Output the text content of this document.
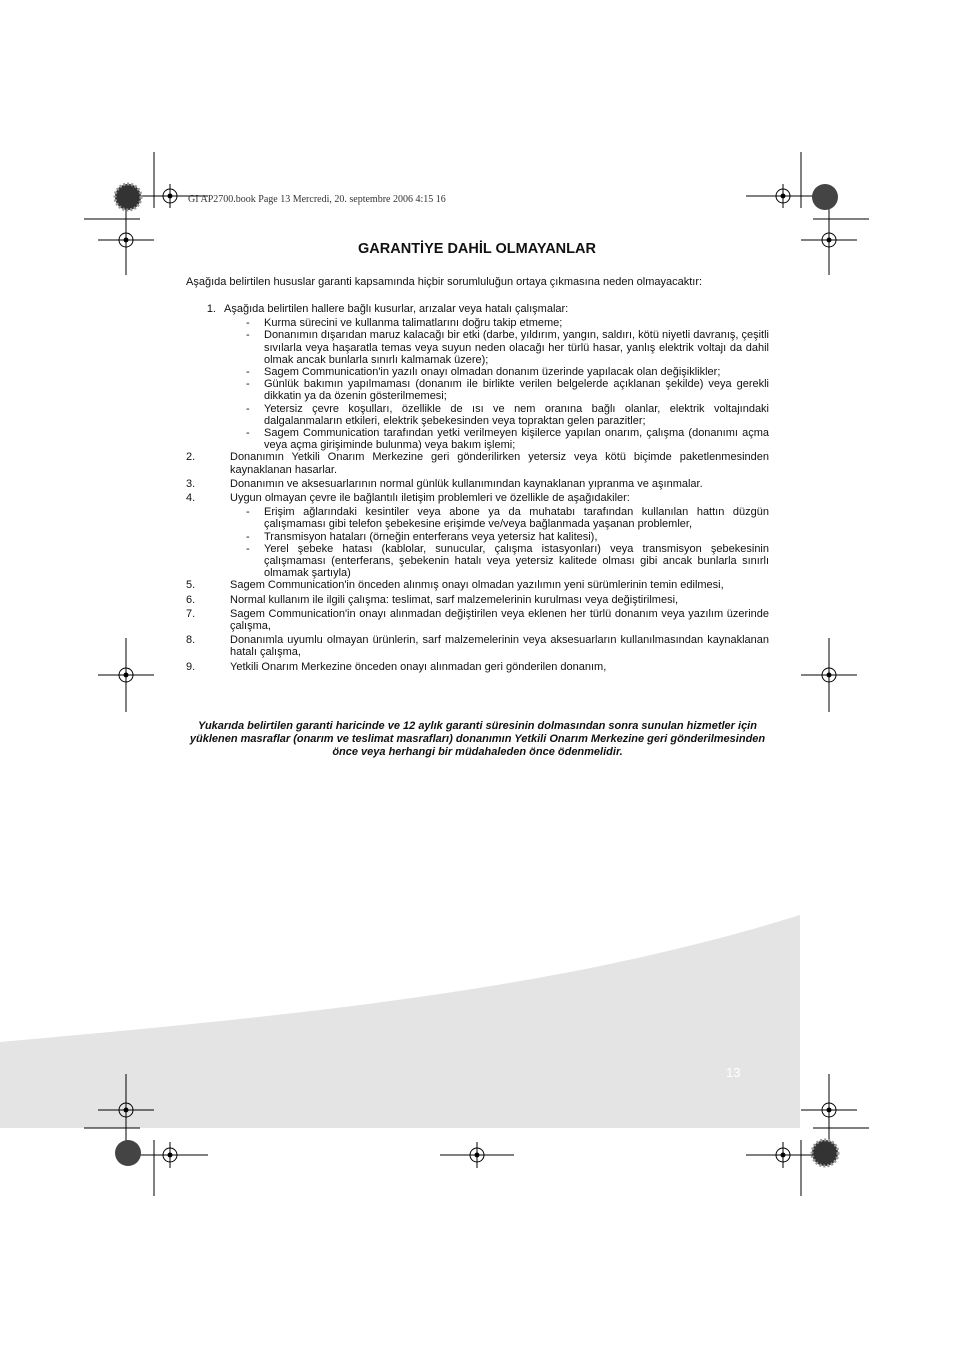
GI AP2700.book Page 13 Mercredi, 20. septembre 2006 4:15 16
GARANTİYE DAHİL OLMAYANLAR
Aşağıda belirtilen hususlar garanti kapsamında hiçbir sorumluluğun ortaya çıkmasına neden olmayacaktır:
1. Aşağıda belirtilen hallere bağlı kusurlar, arızalar veya hatalı çalışmalar:
-	Kurma sürecini ve kullanma talimatlarını doğru takip etmeme;
-	Donanımın dışarıdan maruz kalacağı bir etki (darbe, yıldırım, yangın, saldırı, kötü niyetli davranış, çeşitli sıvılarla veya haşaratla temas veya suyun neden olacağı her türlü hasar, yanlış elektrik voltajı da dahil olmak ancak bunlarla sınırlı kalmamak üzere);
-	Sagem Communication'in yazılı onayı olmadan donanım üzerinde yapılacak olan değişiklikler;
-	Günlük bakımın yapılmaması (donanım ile birlikte verilen belgelerde açıklanan şekilde) veya gerekli dikkatin ya da özenin gösterilmemesi;
-	Yetersiz çevre koşulları, özellikle de ısı ve nem oranına bağlı olanlar, elektrik voltajındaki dalgalanmaların etkileri, elektrik şebekesinden veya topraktan gelen parazitler;
-	Sagem Communication tarafından yetki verilmeyen kişilerce yapılan onarım, çalışma (donanımı açma veya açma girişiminde bulunma) veya bakım işlemi;
2.	Donanımın Yetkili Onarım Merkezine geri gönderilirken yetersiz veya kötü biçimde paketlenmesinden kaynaklanan hasarlar.
3.	Donanımın ve aksesuarlarının normal günlük kullanımından kaynaklanan yıpranma ve aşınmalar.
4.	Uygun olmayan çevre ile bağlantılı iletişim problemleri ve özellikle de aşağıdakiler:
-	Erişim ağlarındaki kesintiler veya abone ya da muhatabı tarafından kullanılan hattın düzgün çalışmaması gibi telefon şebekesine erişimde ve/veya bağlanmada yaşanan problemler,
-	Transmisyon hataları (örneğin enterferans veya yetersiz hat kalitesi),
-	Yerel şebeke hatası (kablolar, sunucular, çalışma istasyonları) veya transmisyon şebekesinin çalışmaması (enterferans, şebekenin hatalı veya yetersiz kalitede olması gibi ancak bunlarla sınırlı olmamak şartıyla)
5.	Sagem Communication'in önceden alınmış onayı olmadan yazılımın yeni sürümlerinin temin edilmesi,
6.	Normal kullanım ile ilgili çalışma: teslimat, sarf malzemelerinin kurulması veya değiştirilmesi,
7.	Sagem Communication'in onayı alınmadan değiştirilen veya eklenen her türlü donanım veya yazılım üzerinde çalışma,
8.	Donanımla uyumlu olmayan ürünlerin, sarf malzemelerinin veya aksesuarların kullanılmasından kaynaklanan hatalı çalışma,
9.	Yetkili Onarım Merkezine önceden onayı alınmadan geri gönderilen donanım,
Yukarıda belirtilen garanti haricinde ve 12 aylık garanti süresinin dolmasından sonra sunulan hizmetler için yüklenen masraflar (onarım ve teslimat masrafları) donanımın Yetkili Onarım Merkezine geri gönderilmesinden önce veya herhangi bir müdahaleden önce ödenmelidir.
13
